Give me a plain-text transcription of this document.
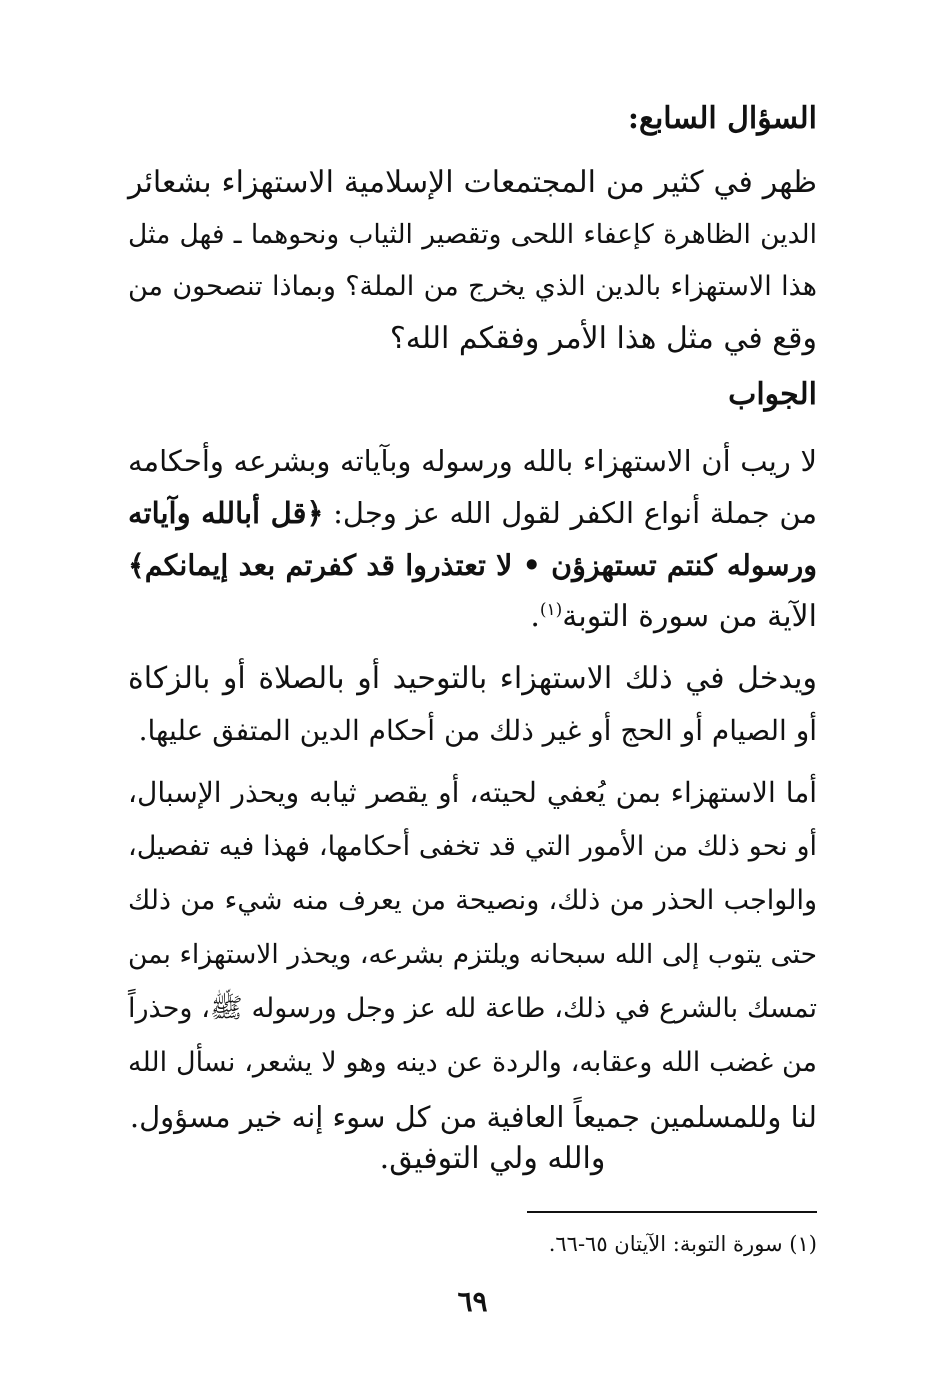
السؤال السابع:
ظهر في كثير من المجتمعات الإسلامية الاستهزاء بشعائر
الدين الظاهرة كإعفاء اللحى وتقصير الثياب ونحوهما ـ فهل مثل
هذا الاستهزاء بالدين الذي يخرج من الملة؟ وبماذا تنصحون من
وقع في مثل هذا الأمر وفقكم الله؟
الجواب
لا ريب أن الاستهزاء بالله ورسوله وبآياته وبشرعه وأحكامه
من جملة أنواع الكفر لقول الله عز وجل: ﴿قل أبالله وآياته
ورسوله كنتم تستهزؤن • لا تعتذروا قد كفرتم بعد إيمانكم﴾
الآية من سورة التوبة$^{(١)}$.
ويدخل في ذلك الاستهزاء بالتوحيد أو بالصلاة أو بالزكاة
أو الصيام أو الحج أو غير ذلك من أحكام الدين المتفق عليها.
أما الاستهزاء بمن يُعفي لحيته، أو يقصر ثيابه ويحذر الإسبال،
أو نحو ذلك من الأمور التي قد تخفى أحكامها، فهذا فيه تفصيل،
والواجب الحذر من ذلك، ونصيحة من يعرف منه شيء من ذلك
حتى يتوب إلى الله سبحانه ويلتزم بشرعه، ويحذر الاستهزاء بمن
تمسك بالشرع في ذلك، طاعة لله عز وجل ورسوله ﷺ، وحذراً
من غضب الله وعقابه، والردة عن دينه وهو لا يشعر، نسأل الله
لنا وللمسلمين جميعاً العافية من كل سوء إنه خير مسؤول.
والله ولي التوفيق.
(١) سورة التوبة: الآيتان ٦٥-٦٦.
٦٩
